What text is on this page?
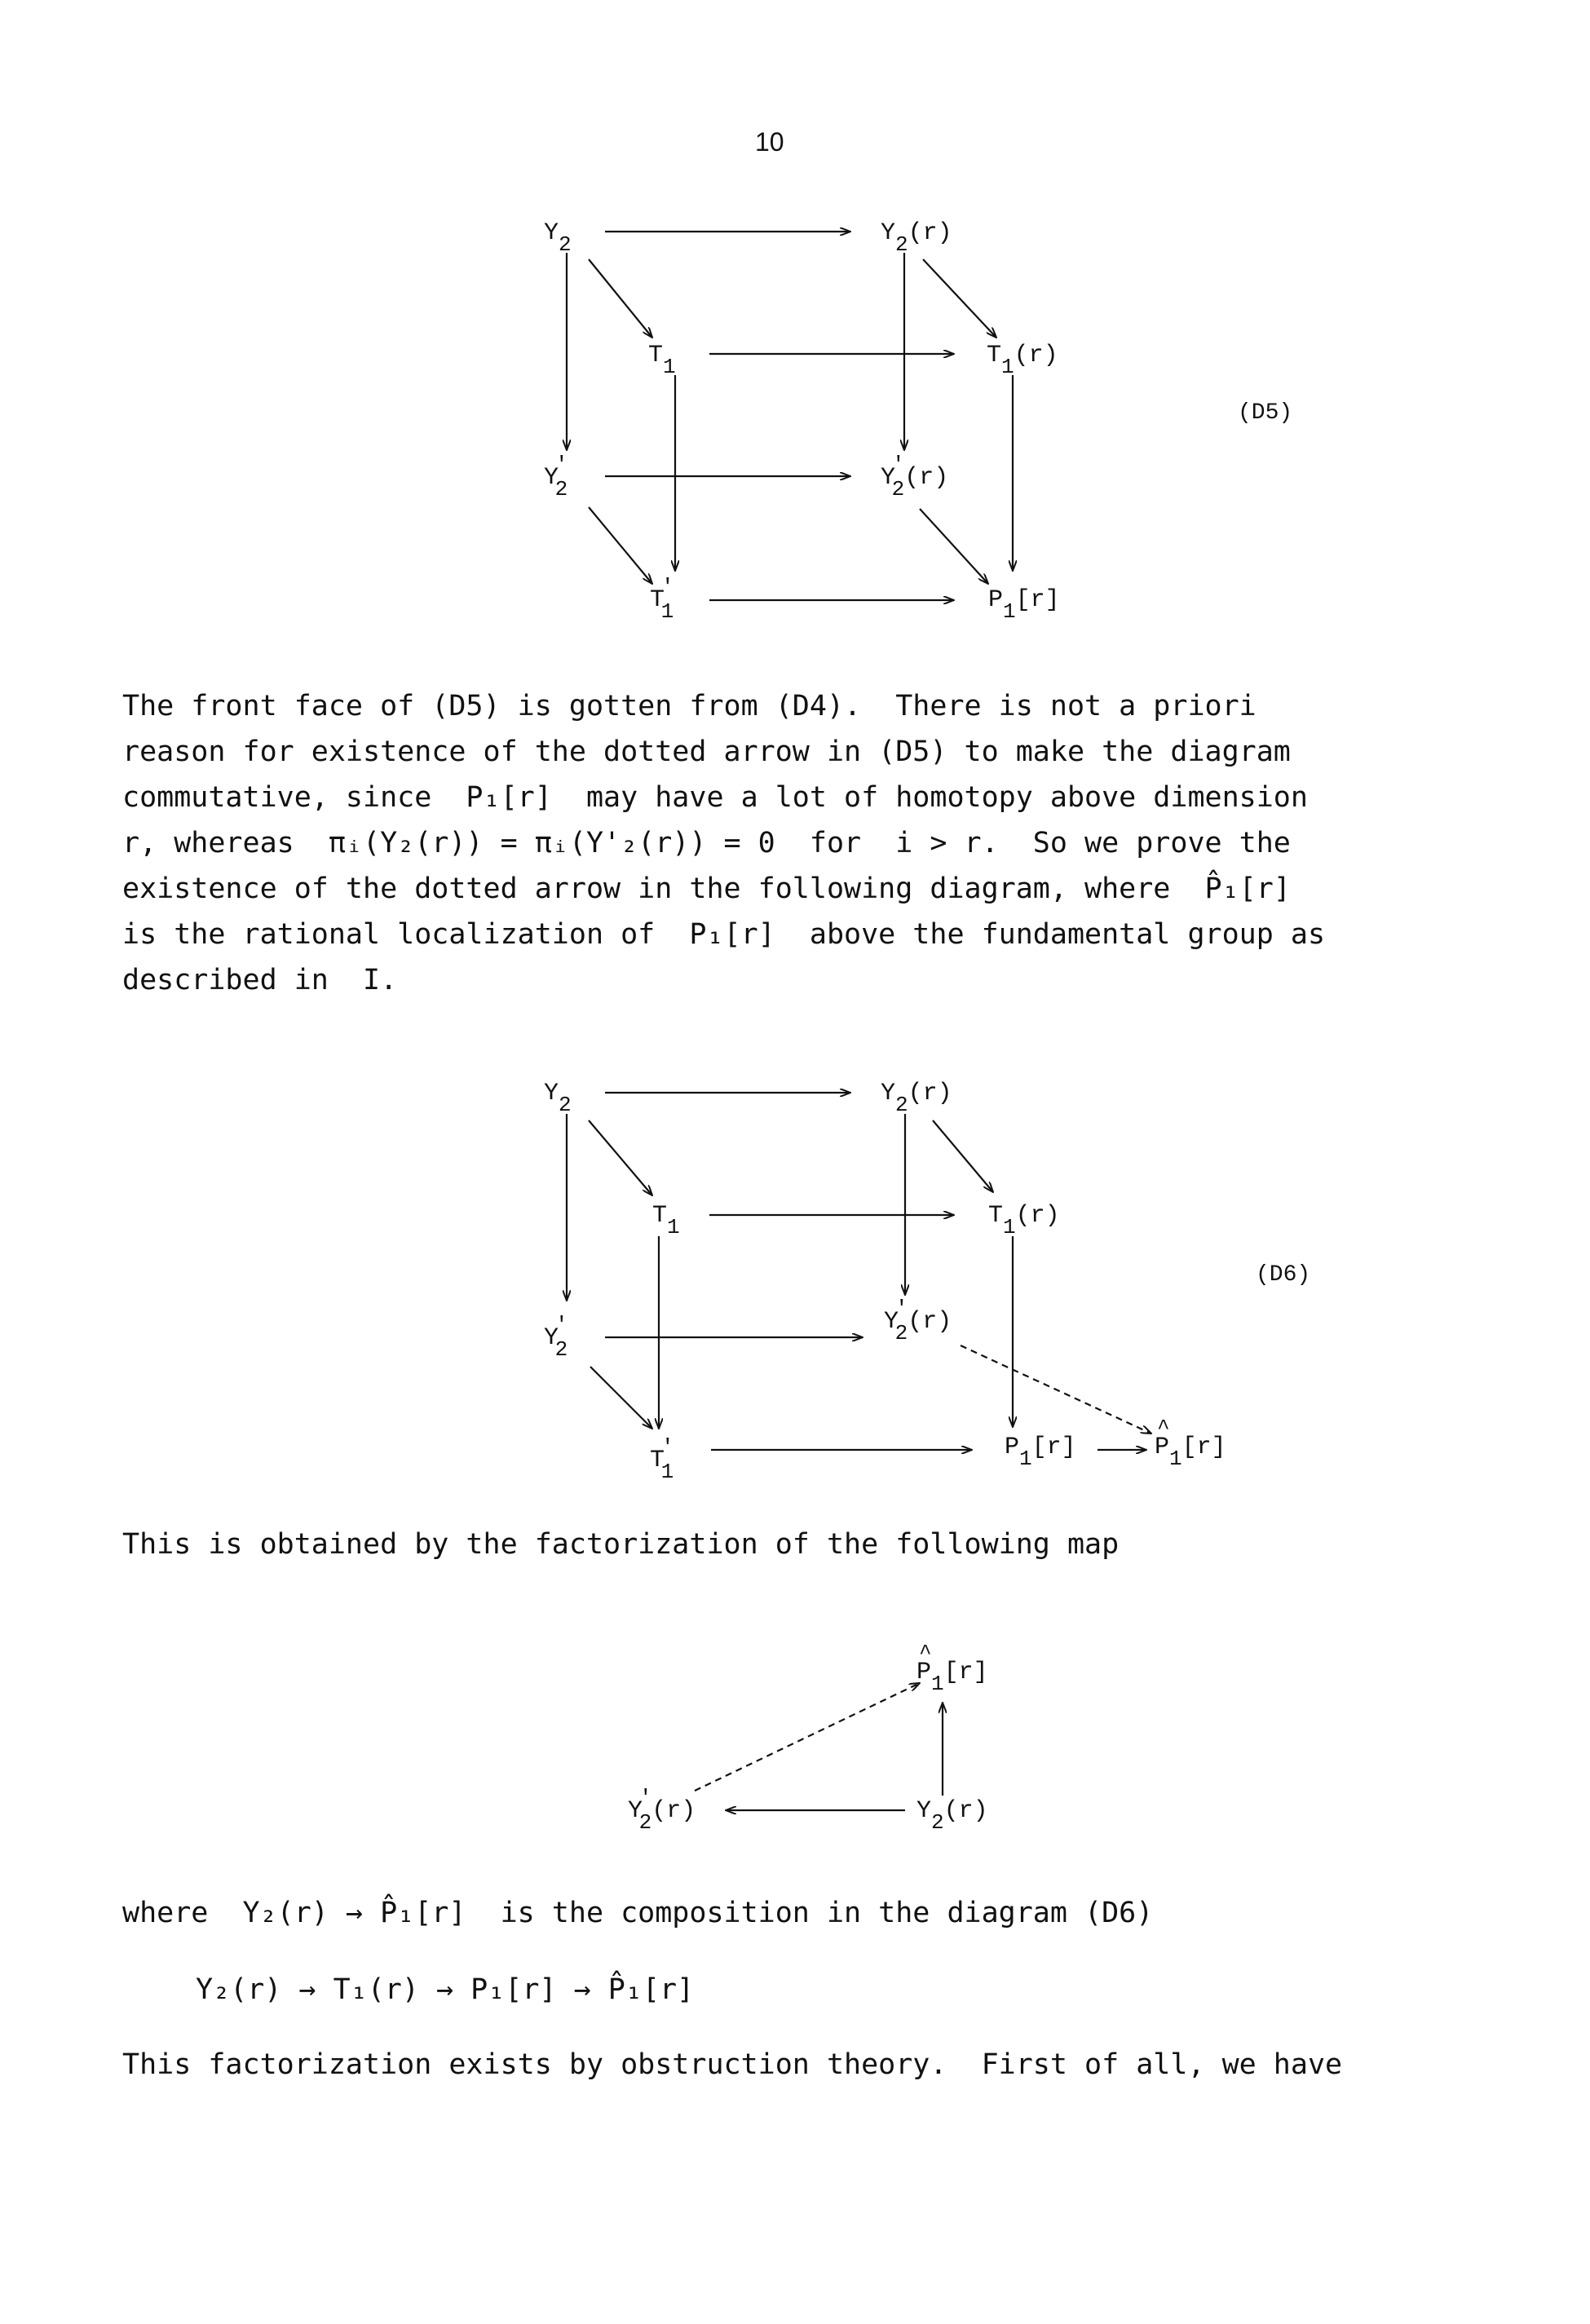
10
Y2	Y2(r)
T1	T1(r)
Y' 2	Y' 2(r)
T' 1	P1[r]
(D5)
Y2	Y2(r)
T1	T1(r)
Y' 2
Y' 2(r)
T' 1
P1[r]	P1[r]
^
(D6)
P1[r]
^
Y' 2(r)	Y2(r)
The front face of (D5) is gotten from (D4).  There is not a priori
reason for existence of the dotted arrow in (D5) to make the diagram
commutative, since  P₁[r]  may have a lot of homotopy above dimension
r, whereas  πᵢ(Y₂(r)) = πᵢ(Y'₂(r)) = 0  for  i > r.  So we prove the
existence of the dotted arrow in the following diagram, where  P̂₁[r]
is the rational localization of  P₁[r]  above the fundamental group as
described in  I.
This is obtained by the factorization of the following map
where  Y₂(r) → P̂₁[r]  is the composition in the diagram (D6)
Y₂(r) → T₁(r) → P₁[r] → P̂₁[r]
This factorization exists by obstruction theory.  First of all, we have
